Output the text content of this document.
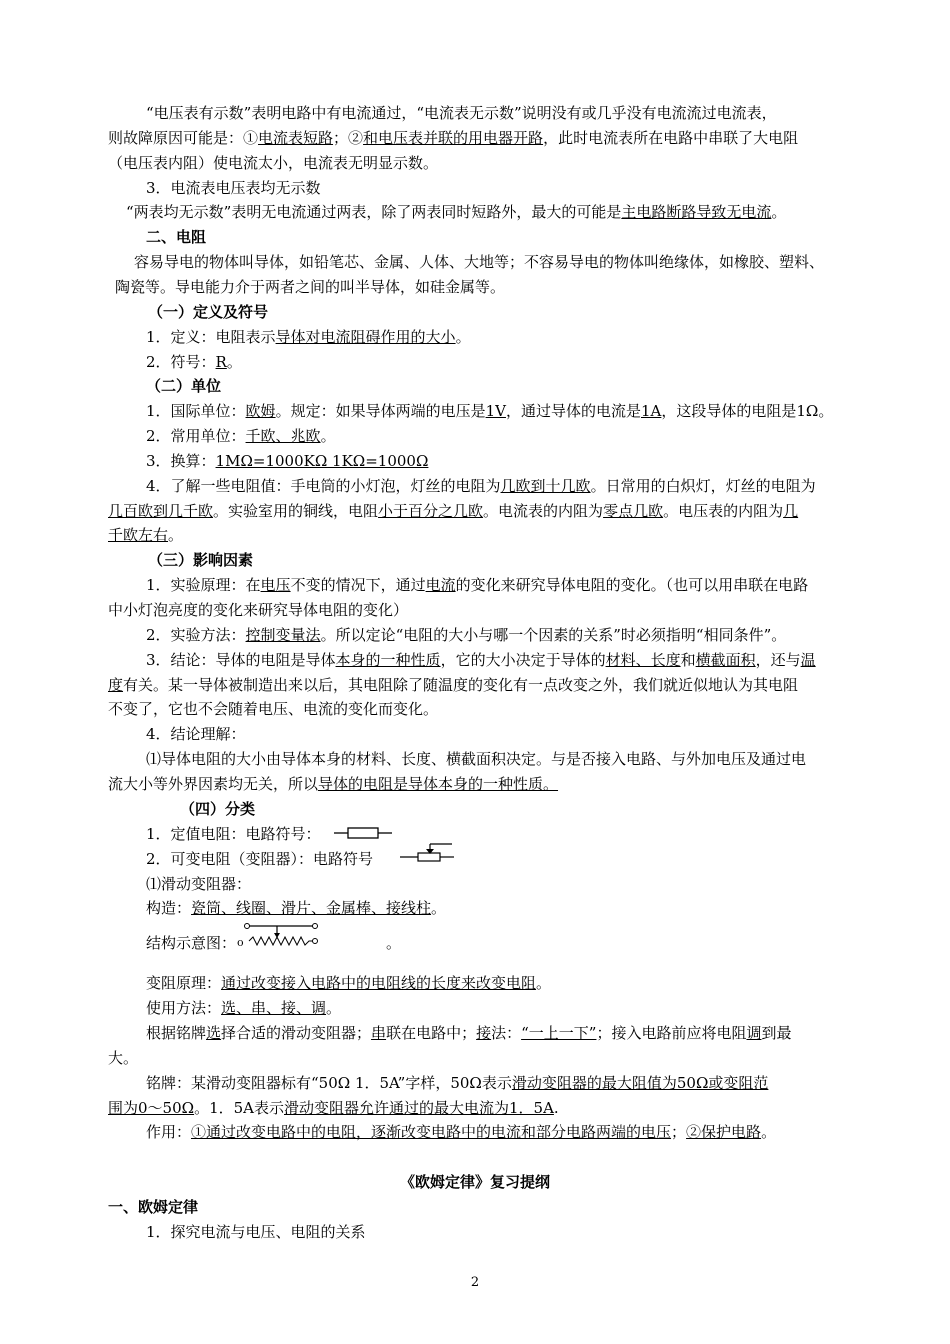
“电压表有示数”表明电路中有电流通过，“电流表无示数”说明没有或几乎没有电流流过电流表，
则故障原因可能是：①电流表短路；②和电压表并联的用电器开路，此时电流表所在电路中串联了大电阻
（电压表内阻）使电流太小，电流表无明显示数。
3．电流表电压表均无示数
“两表均无示数”表明无电流通过两表，除了两表同时短路外，最大的可能是主电路断路导致无电流。
二、电阻
容易导电的物体叫导体，如铅笔芯、金属、人体、大地等；不容易导电的物体叫绝缘体，如橡胶、塑料、
陶瓷等。导电能力介于两者之间的叫半导体，如硅金属等。
（一）定义及符号
1．定义：电阻表示导体对电流阻碍作用的大小。
2．符号：R。
（二）单位
1．国际单位：欧姆。规定：如果导体两端的电压是1V，通过导体的电流是1A，这段导体的电阻是1Ω。
2．常用单位：千欧、兆欧。
3．换算：1MΩ=1000KΩ 1KΩ=1000Ω
4．了解一些电阻值：手电筒的小灯泡，灯丝的电阻为几欧到十几欧。日常用的白炽灯，灯丝的电阻为
几百欧到几千欧。实验室用的铜线，电阻小于百分之几欧。电流表的内阻为零点几欧。电压表的内阻为几
千欧左右。
（三）影响因素
1．实验原理：在电压不变的情况下，通过电流的变化来研究导体电阻的变化。（也可以用串联在电路
中小灯泡亮度的变化来研究导体电阻的变化）
2．实验方法：控制变量法。所以定论“电阻的大小与哪一个因素的关系”时必须指明“相同条件”。
3．结论：导体的电阻是导体本身的一种性质，它的大小决定于导体的材料、长度和横截面积，还与温
度有关。某一导体被制造出来以后，其电阻除了随温度的变化有一点改变之外，我们就近似地认为其电阻
不变了，它也不会随着电压、电流的变化而变化。
4．结论理解：
⑴导体电阻的大小由导体本身的材料、长度、横截面积决定。与是否接入电路、与外加电压及通过电
流大小等外界因素均无关，所以导体的电阻是导体本身的一种性质。
（四）分类
1．定值电阻：电路符号：
2．可变电阻（变阻器）：电路符号
⑴滑动变阻器：
构造：瓷筒、线圈、滑片、金属棒、接线柱。
结构示意图：	。
变阻原理：通过改变接入电路中的电阻线的长度来改变电阻。
使用方法：选、串、接、调。
根据铭牌选择合适的滑动变阻器；串联在电路中；接法：“一上一下”；接入电路前应将电阻调到最
大。
铭牌：某滑动变阻器标有“50Ω 1．5A”字样，50Ω表示滑动变阻器的最大阻值为50Ω或变阻范
围为0～50Ω。1．5A表示滑动变阻器允许通过的最大电流为1．5A.
作用：①通过改变电路中的电阻，逐渐改变电路中的电流和部分电路两端的电压；②保护电路。
o
《欧姆定律》复习提纲
一、欧姆定律
1．探究电流与电压、电阻的关系
2
